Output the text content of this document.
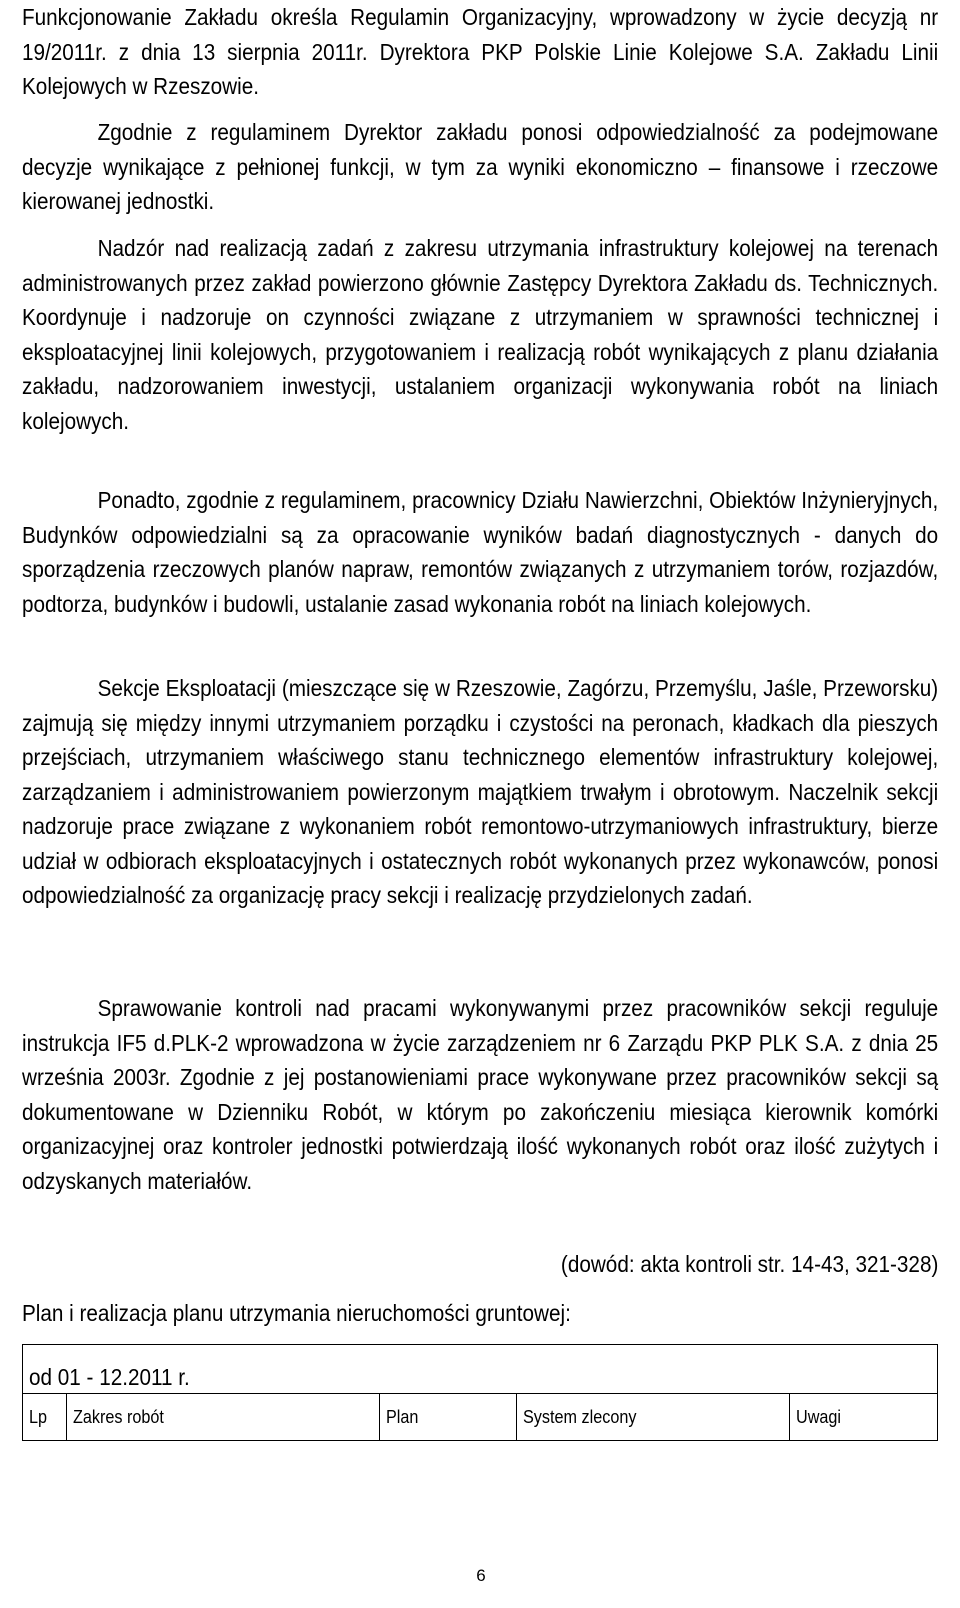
Funkcjonowanie Zakładu określa Regulamin Organizacyjny, wprowadzony w życie decyzją nr 19/2011r. z dnia 13 sierpnia 2011r. Dyrektora PKP Polskie Linie Kolejowe S.A. Zakładu Linii Kolejowych w Rzeszowie.

Zgodnie z regulaminem Dyrektor zakładu ponosi odpowiedzialność za podejmowane decyzje wynikające z pełnionej funkcji, w tym za wyniki ekonomiczno – finansowe i rzeczowe kierowanej jednostki.

Nadzór nad realizacją zadań z zakresu utrzymania infrastruktury kolejowej na terenach administrowanych przez zakład powierzono głównie Zastępcy Dyrektora Zakładu ds. Technicznych. Koordynuje i nadzoruje on czynności związane z utrzymaniem w sprawności technicznej i eksploatacyjnej linii kolejowych, przygotowaniem i realizacją robót wynikających z planu działania zakładu, nadzorowaniem inwestycji, ustalaniem organizacji wykonywania robót na liniach kolejowych.

Ponadto, zgodnie z regulaminem, pracownicy Działu Nawierzchni, Obiektów Inżynieryjnych, Budynków odpowiedzialni są za opracowanie wyników badań diagnostycznych - danych do sporządzenia rzeczowych planów napraw, remontów związanych z utrzymaniem torów, rozjazdów, podtorza, budynków i budowli, ustalanie zasad wykonania robót na liniach kolejowych.

Sekcje Eksploatacji (mieszczące się w Rzeszowie, Zagórzu, Przemyślu, Jaśle, Przeworsku) zajmują się między innymi utrzymaniem porządku i czystości na peronach, kładkach dla pieszych przejściach, utrzymaniem właściwego stanu technicznego elementów infrastruktury kolejowej, zarządzaniem i administrowaniem powierzonym majątkiem trwałym i obrotowym. Naczelnik sekcji nadzoruje prace związane z wykonaniem robót remontowo-utrzymaniowych infrastruktury, bierze udział w odbiorach eksploatacyjnych i ostatecznych robót wykonanych przez wykonawców, ponosi odpowiedzialność za organizację pracy sekcji i realizację przydzielonych zadań.

Sprawowanie kontroli nad pracami wykonywanymi przez pracowników sekcji reguluje instrukcja IF5 d.PLK-2 wprowadzona w życie zarządzeniem nr 6 Zarządu PKP PLK S.A. z dnia 25 września 2003r. Zgodnie z jej postanowieniami prace wykonywane przez pracowników sekcji są dokumentowane w Dzienniku Robót, w którym po zakończeniu miesiąca kierownik komórki organizacyjnej oraz kontroler jednostki potwierdzają ilość wykonanych robót oraz ilość zużytych i odzyskanych materiałów.

(dowód: akta kontroli str. 14-43, 321-328)
Plan i realizacja planu utrzymania nieruchomości gruntowej:
od 01 - 12.2011 r.
Lp	Zakres robót	Plan	System zlecony	Uwagi
6
